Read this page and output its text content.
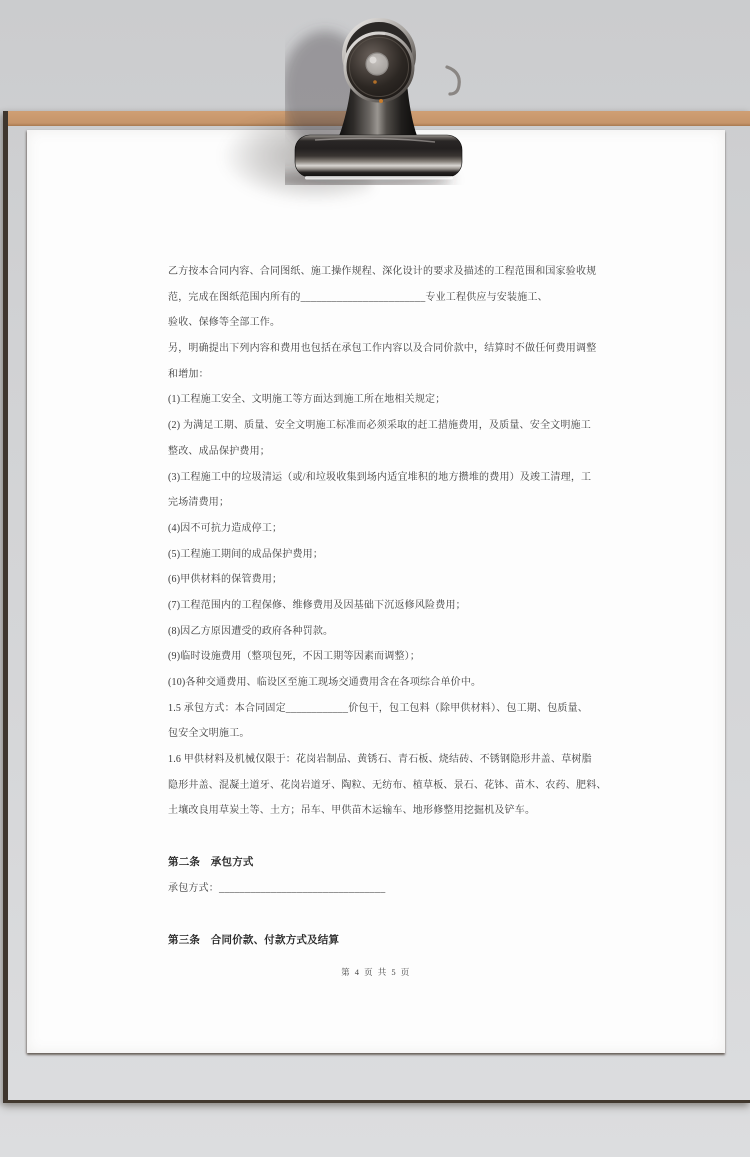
乙方按本合同内容、合同图纸、施工操作规程、深化设计的要求及描述的工程范围和国家验收规
范，完成在图纸范围内所有的________________________专业工程供应与安装施工、
验收、保修等全部工作。
另，明确提出下列内容和费用也包括在承包工作内容以及合同价款中，结算时不做任何费用调整
和增加：
(1)工程施工安全、文明施工等方面达到施工所在地相关规定；
(2) 为满足工期、质量、安全文明施工标准而必须采取的赶工措施费用，及质量、安全文明施工
整改、成品保护费用；
(3)工程施工中的垃圾清运（或/和垃圾收集到场内适宜堆积的地方攒堆的费用）及竣工清理，工
完场清费用；
(4)因不可抗力造成停工；
(5)工程施工期间的成品保护费用；
(6)甲供材料的保管费用；
(7)工程范围内的工程保修、维修费用及因基础下沉返修风险费用；
(8)因乙方原因遭受的政府各种罚款。
(9)临时设施费用（整项包死，不因工期等因素而调整）；
(10)各种交通费用、临设区至施工现场交通费用含在各项综合单价中。
1.5 承包方式：本合同固定____________价包干，包工包料（除甲供材料）、包工期、包质量、
包安全文明施工。
1.6 甲供材料及机械仅限于：花岗岩制品、黄锈石、青石板、烧结砖、不锈钢隐形井盖、草树脂
隐形井盖、混凝土道牙、花岗岩道牙、陶粒、无纺布、植草板、景石、花钵、苗木、农药、肥料、
土壤改良用草炭土等、土方；吊车、甲供苗木运输车、地形修整用挖掘机及铲车。
第二条　承包方式
承包方式：________________________________
第三条　合同价款、付款方式及结算
第 4 页 共 5 页
